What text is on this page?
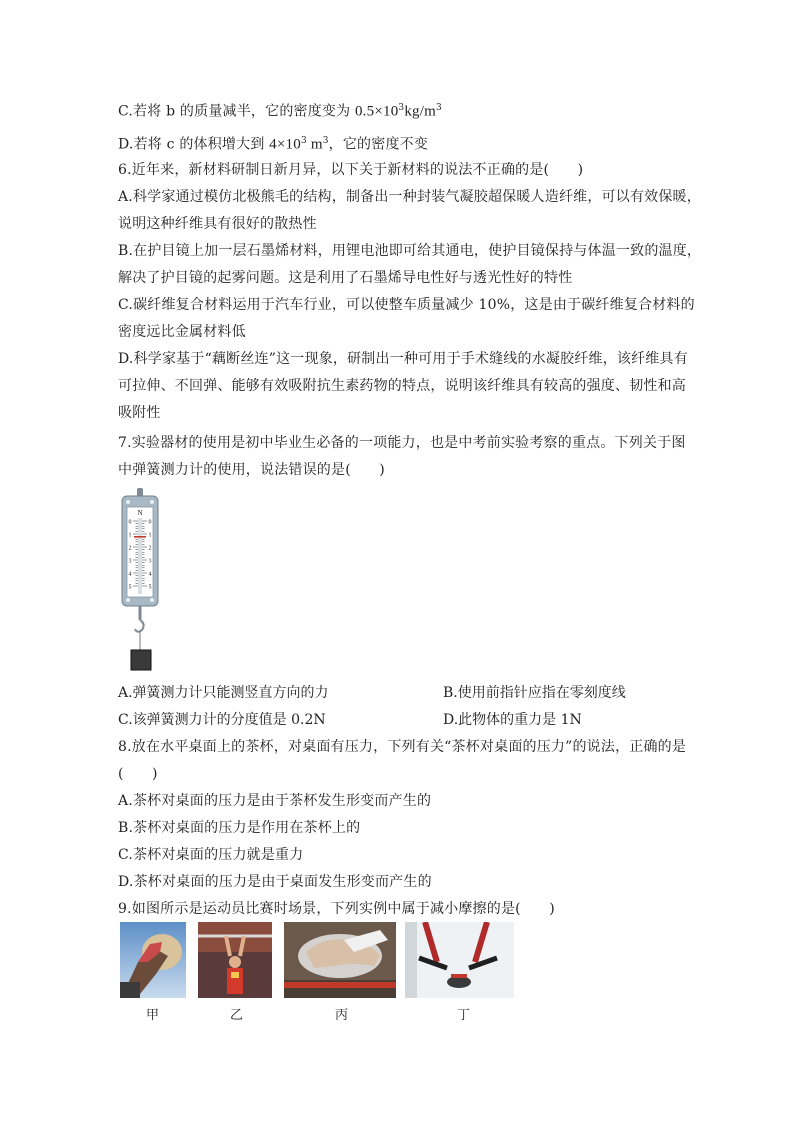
C.若将 b 的质量减半，它的密度变为 $0.5\times 10^3kg/m^3$
D.若将 c 的体积增大到 $4\times 10^3$ $m^3$，它的密度不变
6.近年来，新材料研制日新月异，以下关于新材料的说法不正确的是(　　)
A.科学家通过模仿北极熊毛的结构，制备出一种封装气凝胶超保暖人造纤维，可以有效保暖，
说明这种纤维具有很好的散热性
B.在护目镜上加一层石墨烯材料，用锂电池即可给其通电，使护目镜保持与体温一致的温度，
解决了护目镜的起雾问题。这是利用了石墨烯导电性好与透光性好的特性
C.碳纤维复合材料运用于汽车行业，可以使整车质量减少 10%，这是由于碳纤维复合材料的
密度远比金属材料低
D.科学家基于“藕断丝连”这一现象，研制出一种可用于手术缝线的水凝胶纤维，该纤维具有
可拉伸、不回弹、能够有效吸附抗生素药物的特点，说明该纤维具有较高的强度、韧性和高
吸附性
7.实验器材的使用是初中毕业生必备的一项能力，也是中考前实验考察的重点。下列关于图
中弹簧测力计的使用，说法错误的是(　　)
0	0
1	1
2	2
3	3
4	4
5	5
N
A.弹簧测力计只能测竖直方向的力	B.使用前指针应指在零刻度线
C.该弹簧测力计的分度值是 0.2N	D.此物体的重力是 1N
8.放在水平桌面上的茶杯，对桌面有压力，下列有关“茶杯对桌面的压力”的说法，正确的是
(　　)
A.茶杯对桌面的压力是由于茶杯发生形变而产生的
B.茶杯对桌面的压力是作用在茶杯上的
C.茶杯对桌面的压力就是重力
D.茶杯对桌面的压力是由于桌面发生形变而产生的
9.如图所示是运动员比赛时场景，下列实例中属于减小摩擦的是(　　)
甲	乙	丙	丁
